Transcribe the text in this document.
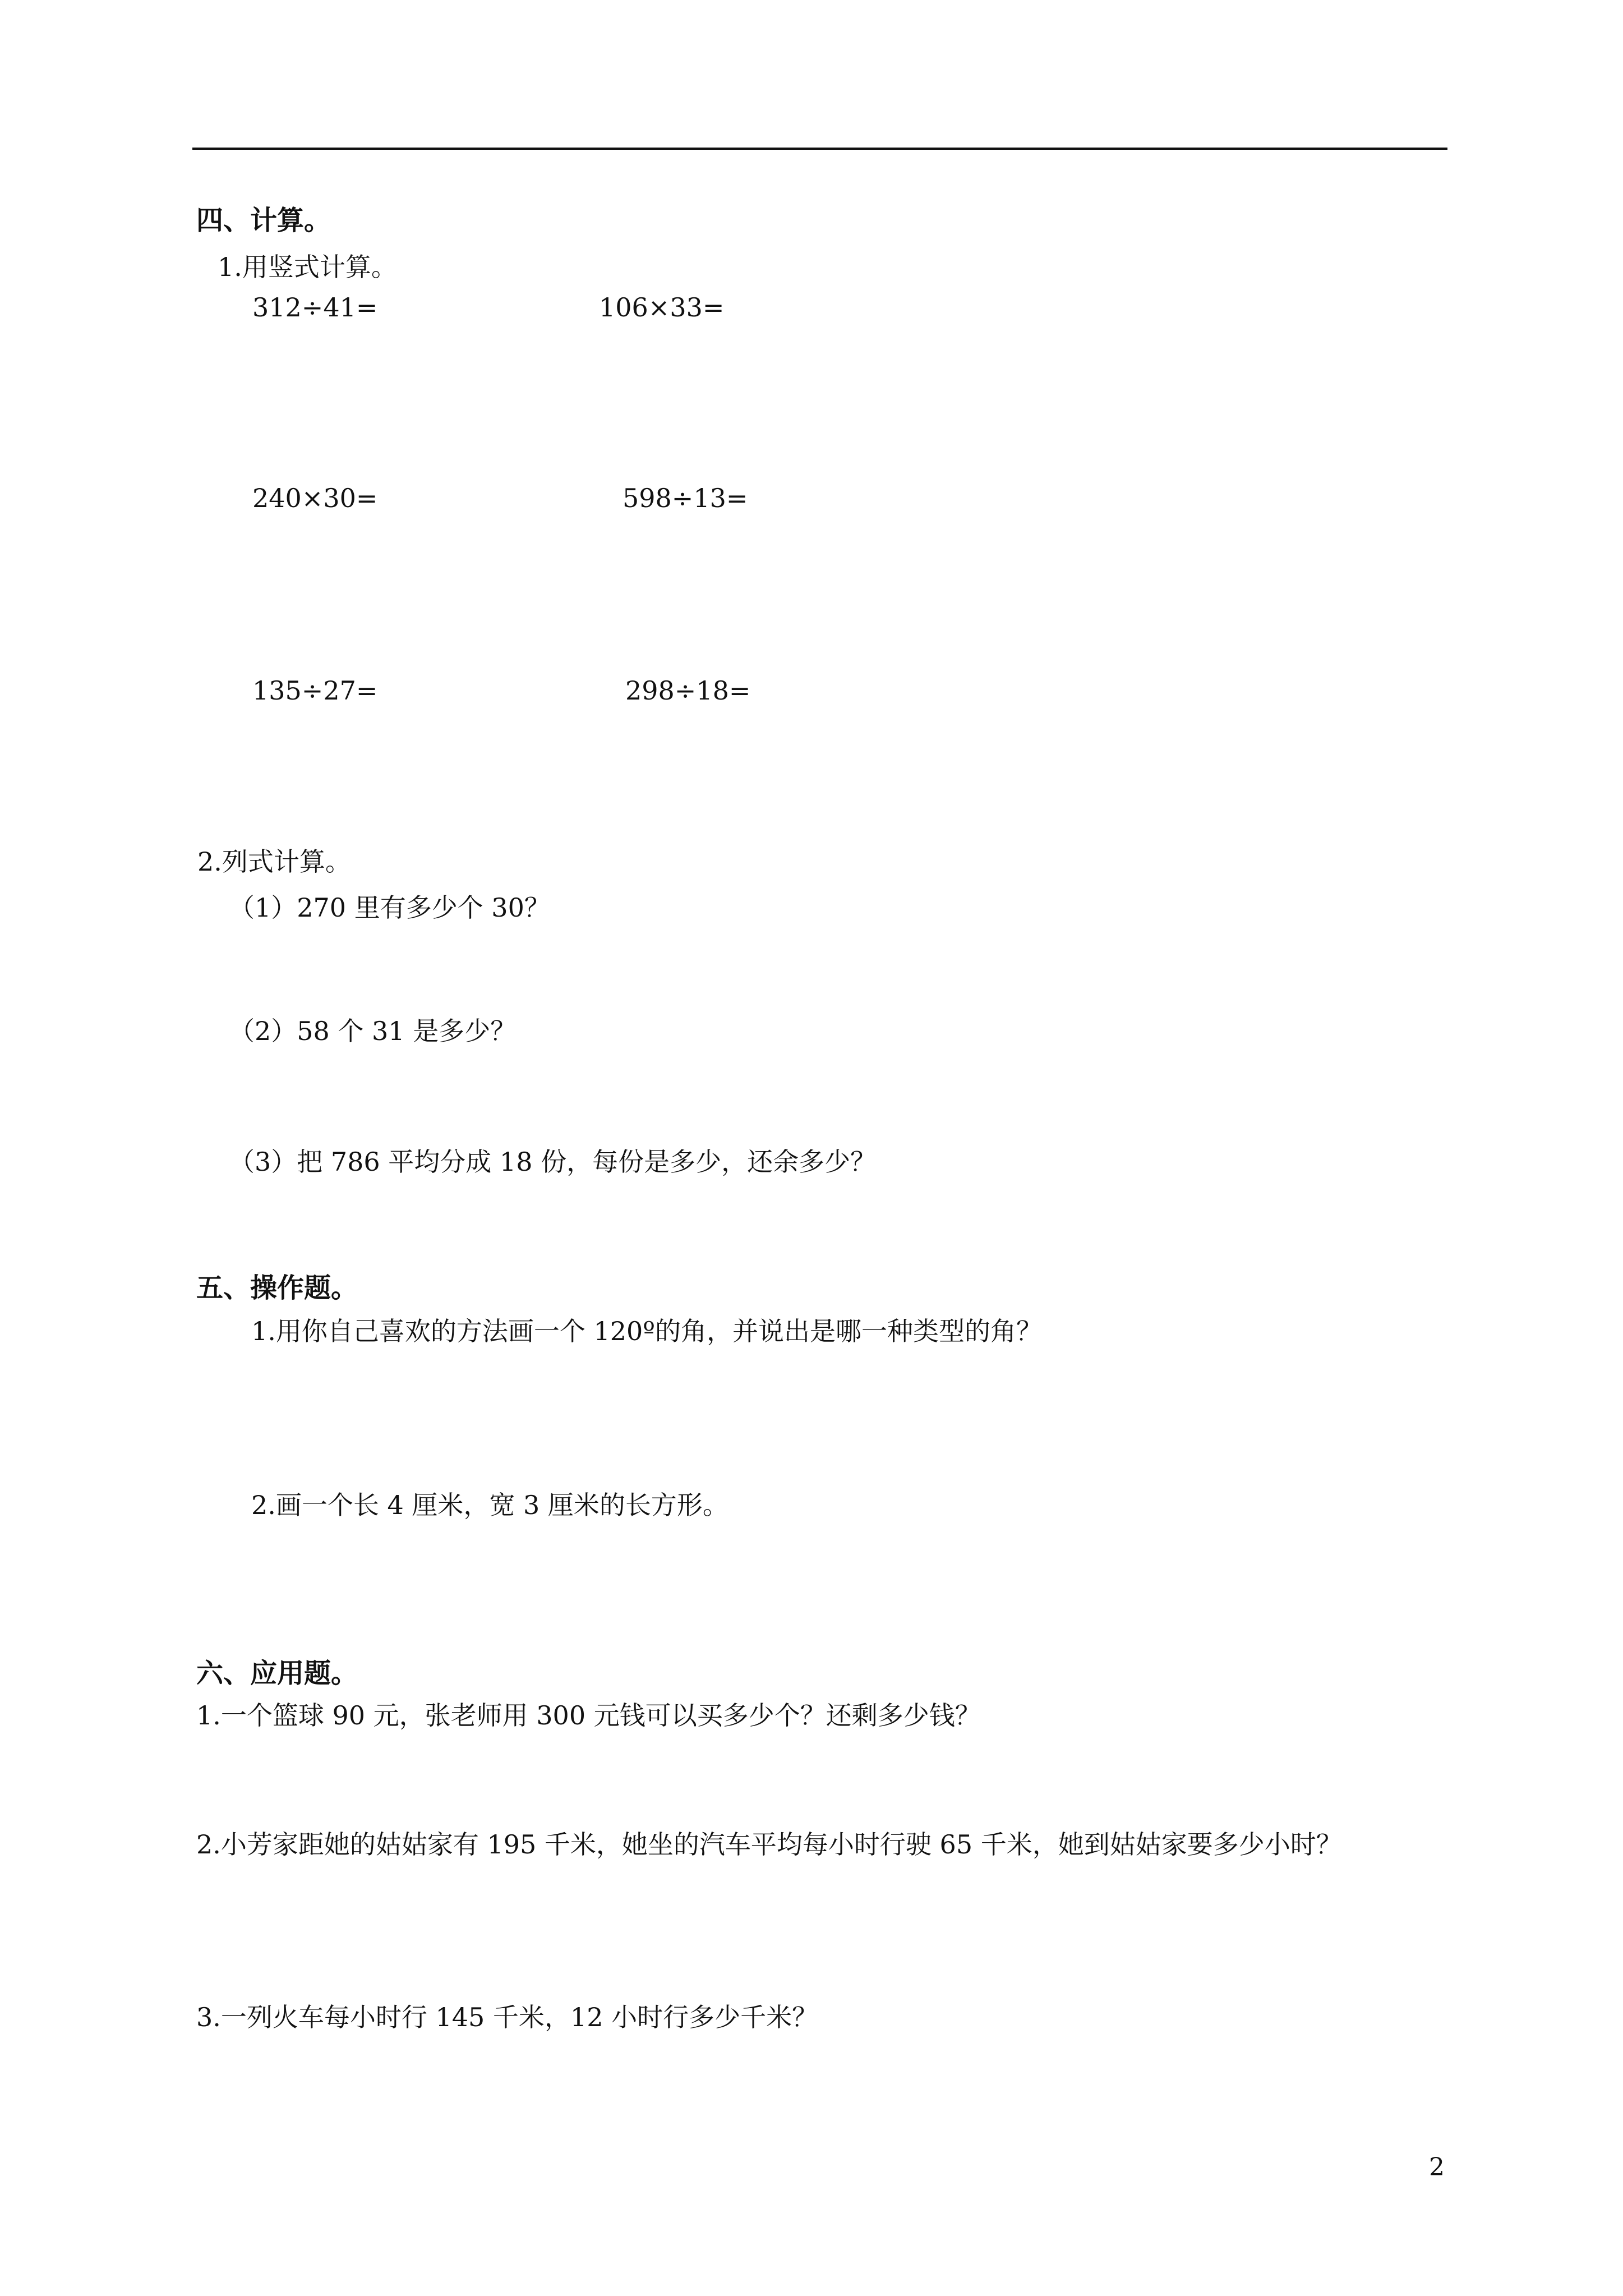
四、计算。
1.用竖式计算。
312÷41=	106×33=
240×30=	598÷13=
135÷27=	298÷18=
2.列式计算。
（1）270 里有多少个 30？
（2）58 个 31 是多少？
（3）把 786 平均分成 18 份，每份是多少，还余多少？
五、操作题。
1.用你自己喜欢的方法画一个 120º的角，并说出是哪一种类型的角？
2.画一个长 4 厘米，宽 3 厘米的长方形。
六、应用题。
1.一个篮球 90 元，张老师用 300 元钱可以买多少个？还剩多少钱？
2.小芳家距她的姑姑家有 195 千米，她坐的汽车平均每小时行驶 65 千米，她到姑姑家要多少小时？
3.一列火车每小时行 145 千米，12 小时行多少千米？
2
